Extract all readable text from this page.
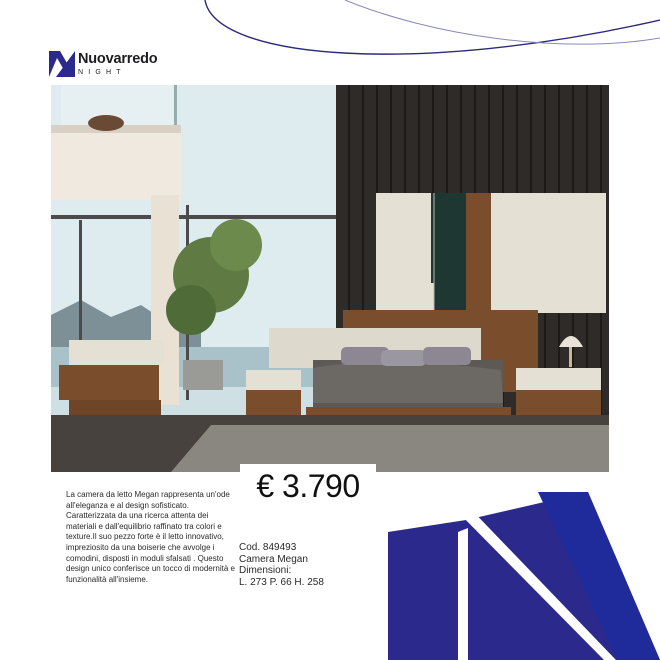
Nuovarredo
NIGHT
€ 3.790
La camera da letto Megan rappresenta un'ode all'eleganza e al design sofisticato. Caratterizzata da una ricerca attenta dei materiali e dall'equilibrio raffinato tra colori e texture.Il suo pezzo forte è il letto innovativo, impreziosito da una boiserie che avvolge i comodini, disposti in moduli sfalsati . Questo design unico conferisce un tocco di modernità e funzionalità all'insieme.
Cod. 849493
Camera Megan
Dimensioni:
L. 273 P. 66 H. 258
